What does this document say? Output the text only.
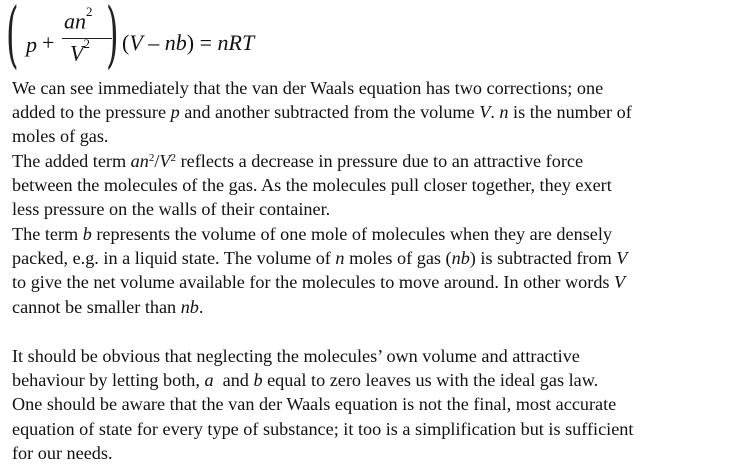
( p +
$an^2$
$V^2$ ) (V – nb) = nRT
We can see immediately that the van der Waals equation has two corrections; one
added to the pressure p and another subtracted from the volume V. n is the number of
moles of gas.
The added term $an^2/V^2$ reflects a decrease in pressure due to an attractive force
between the molecules of the gas. As the molecules pull closer together, they exert
less pressure on the walls of their container.
The term b represents the volume of one mole of molecules when they are densely
packed, e.g. in a liquid state. The volume of n moles of gas (nb) is subtracted from V
to give the net volume available for the molecules to move around. In other words V
cannot be smaller than nb.
It should be obvious that neglecting the molecules’ own volume and attractive
behaviour by letting both, a  and b equal to zero leaves us with the ideal gas law.
One should be aware that the van der Waals equation is not the final, most accurate
equation of state for every type of substance; it too is a simplification but is sufficient
for our needs.
